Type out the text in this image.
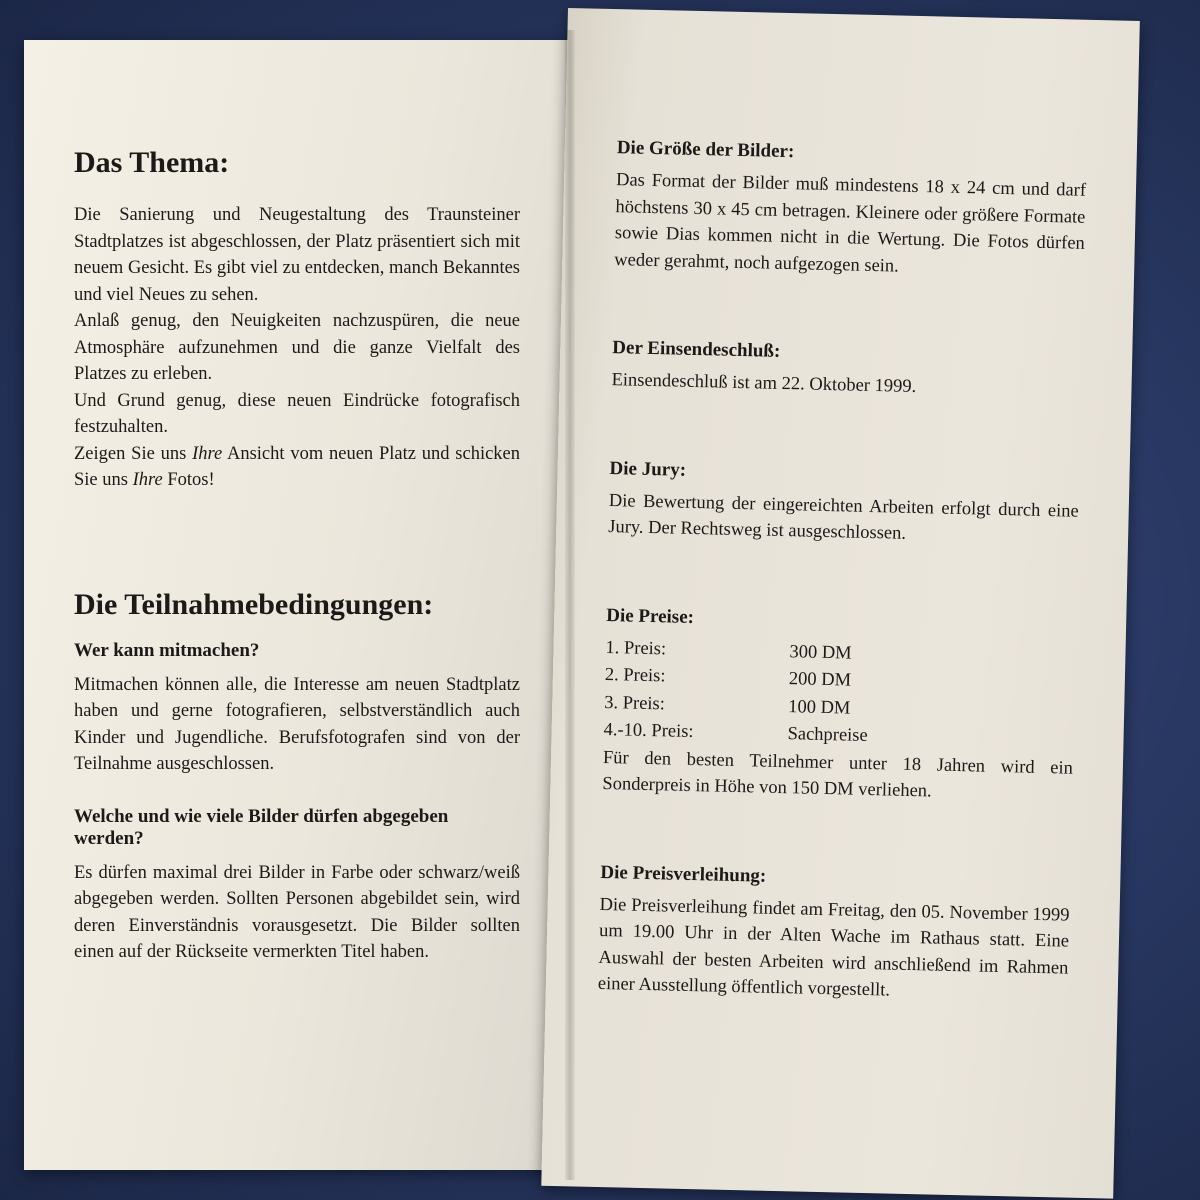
Das Thema:

Die Sanierung und Neugestaltung des Traunsteiner Stadtplatzes ist abgeschlossen, der Platz präsentiert sich mit neuem Gesicht. Es gibt viel zu entdecken, manch Bekanntes und viel Neues zu sehen.

Anlaß genug, den Neuigkeiten nachzuspüren, die neue Atmosphäre aufzunehmen und die ganze Vielfalt des Platzes zu erleben.

Und Grund genug, diese neuen Eindrücke fotografisch festzuhalten.

Zeigen Sie uns Ihre Ansicht vom neuen Platz und schicken Sie uns Ihre Fotos!

Die Teilnahmebedingungen:
Wer kann mitmachen?

Mitmachen können alle, die Interesse am neuen Stadtplatz haben und gerne fotografieren, selbstverständlich auch Kinder und Jugendliche. Berufsfotografen sind von der Teilnahme ausgeschlossen.

Welche und wie viele Bilder dürfen abgegeben werden?

Es dürfen maximal drei Bilder in Farbe oder schwarz/weiß abgegeben werden. Sollten Personen abgebildet sein, wird deren Einverständnis vorausgesetzt. Die Bilder sollten einen auf der Rückseite vermerkten Titel haben.

Die Größe der Bilder:

Das Format der Bilder muß mindestens 18 x 24 cm und darf höchstens 30 x 45 cm betragen. Kleinere oder größere Formate sowie Dias kommen nicht in die Wertung. Die Fotos dürfen weder gerahmt, noch aufgezogen sein.

Der Einsendeschluß:

Einsendeschluß ist am 22. Oktober 1999.

Die Jury:

Die Bewertung der eingereichten Arbeiten erfolgt durch eine Jury. Der Rechtsweg ist ausgeschlossen.

Die Preise:
1. Preis:	300 DM
2. Preis:	200 DM
3. Preis:	100 DM
4.-10. Preis:	Sachpreise

Für den besten Teilnehmer unter 18 Jahren wird ein Sonderpreis in Höhe von 150 DM verliehen.

Die Preisverleihung:

Die Preisverleihung findet am Freitag, den 05. November 1999 um 19.00 Uhr in der Alten Wache im Rathaus statt. Eine Auswahl der besten Arbeiten wird anschließend im Rahmen einer Ausstellung öffentlich vorgestellt.
